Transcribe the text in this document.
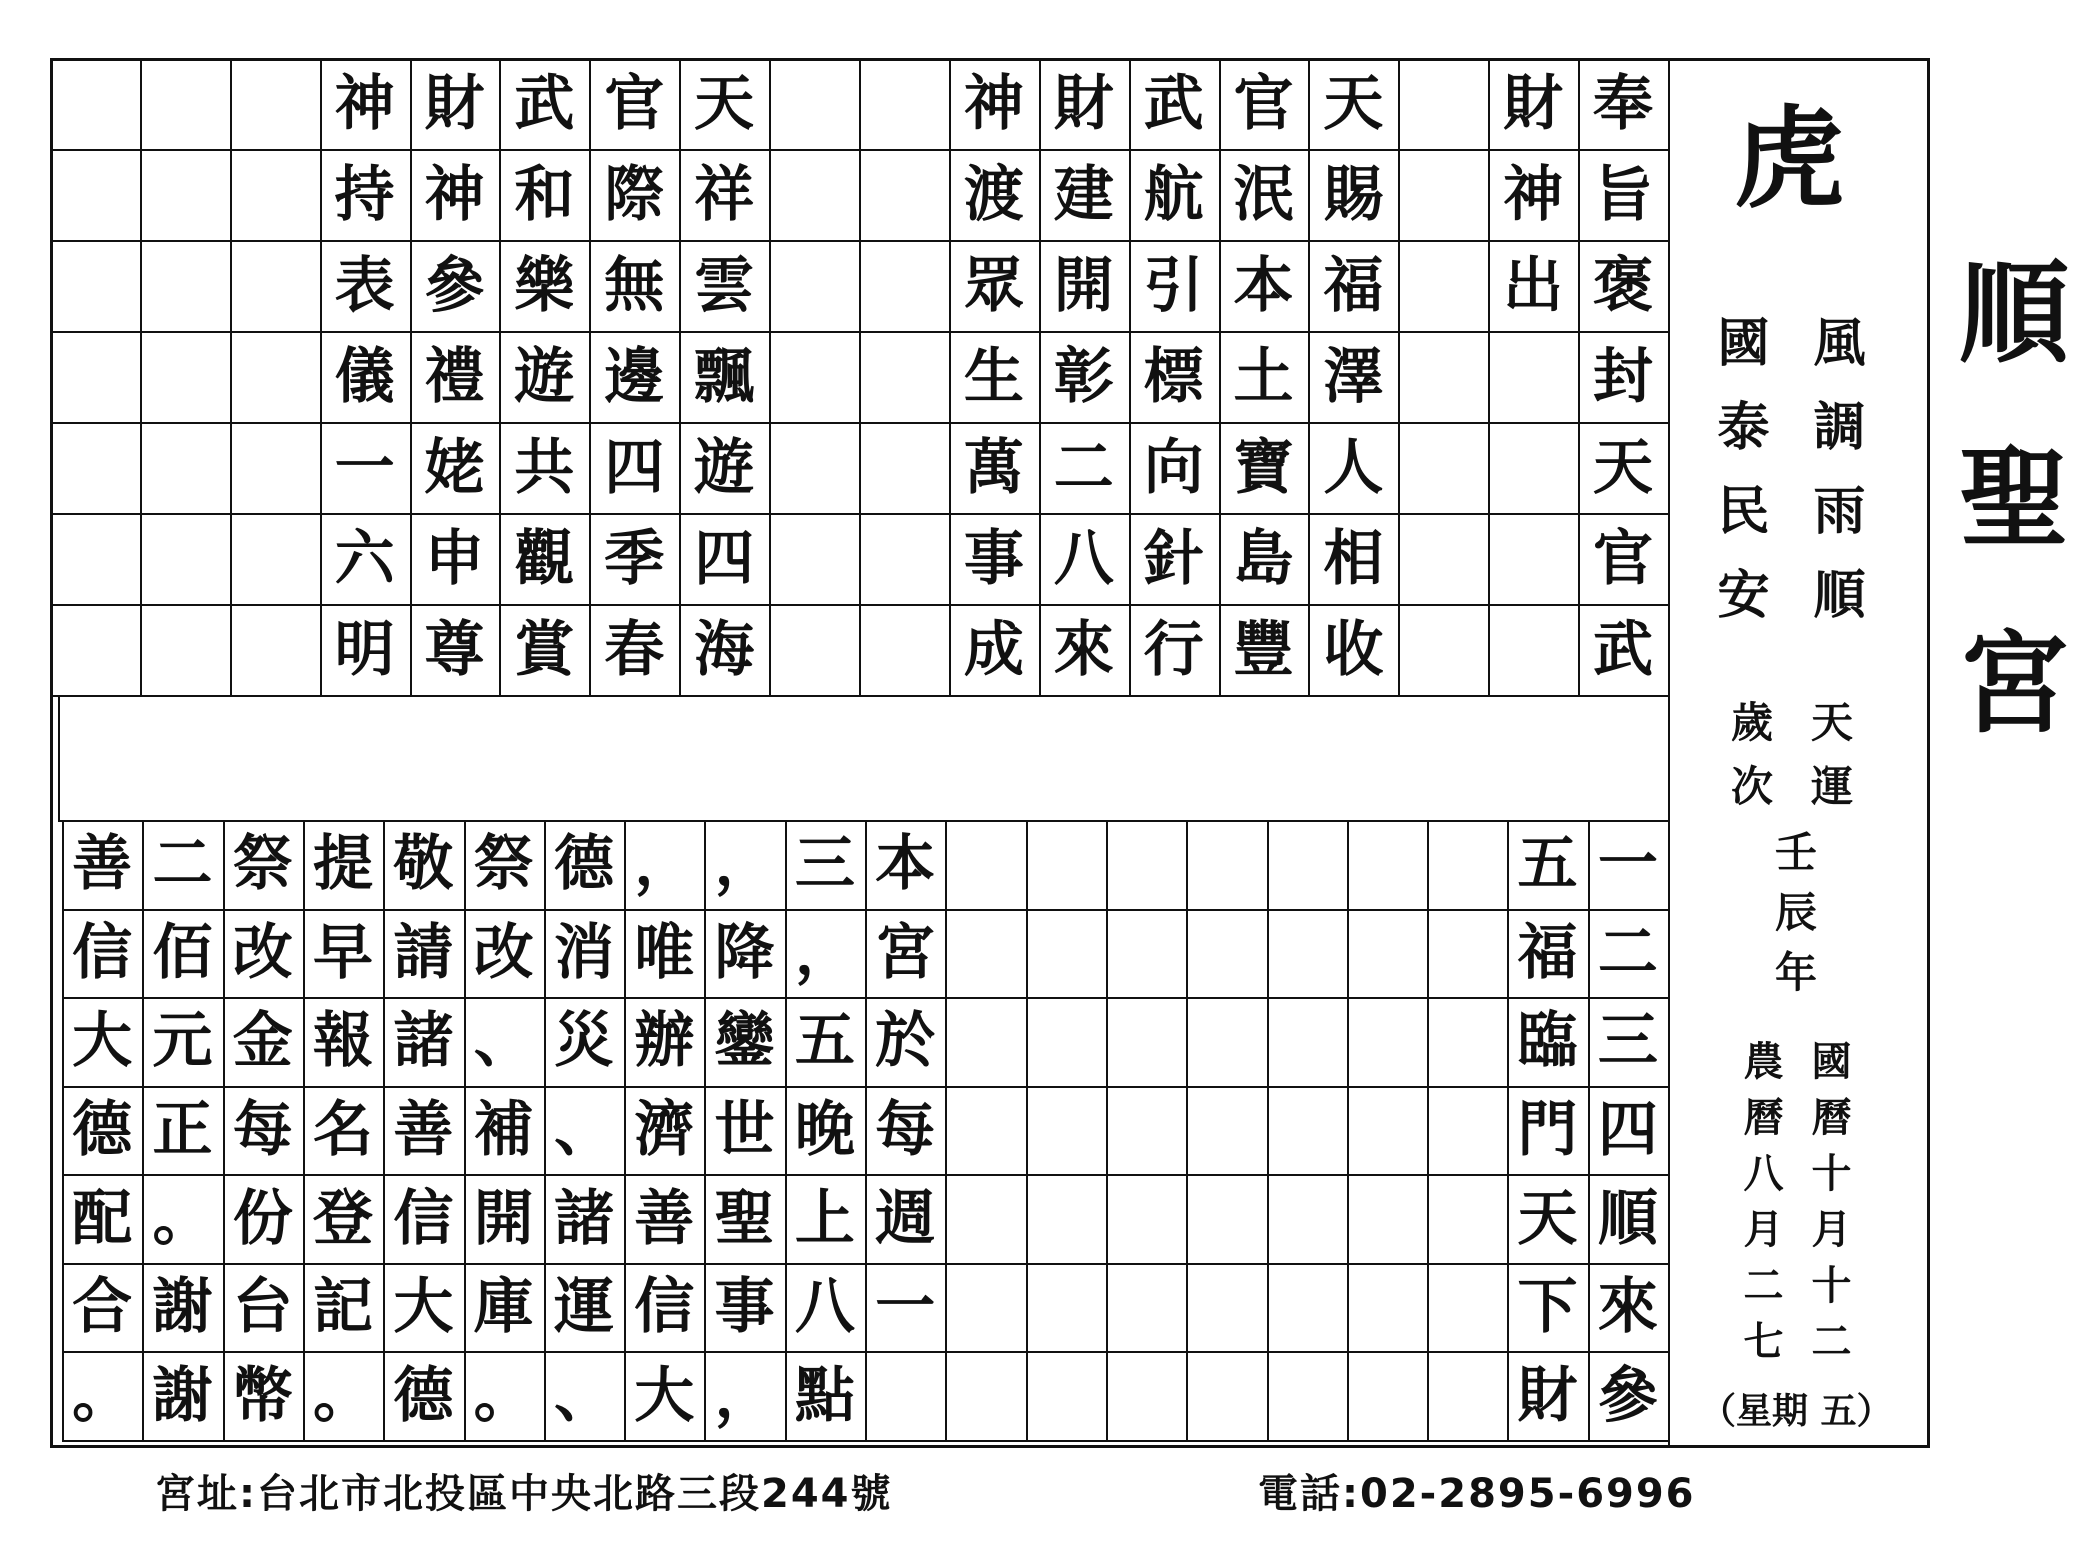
虎
順聖宮
風調雨順
國泰民安
天運
歲次
壬辰年
國曆十月十二
農曆八月二七
（星期 五）
奉
旨
褒
封
天
官
武
財
神
出
天
賜
福
澤
人
相
收
官
泯
本
土
寶
島
豐
武
航
引
標
向
針
行
財
建
開
彰
二
八
來
神
渡
眾
生
萬
事
成
天
祥
雲
飄
遊
四
海
官
際
無
邊
四
季
春
武
和
樂
遊
共
觀
賞
財
神
參
禮
姥
申
尊
神
持
表
儀
一
六
明
一
二
三
四
順
來
參
五
福
臨
門
天
下
財
本
宮
於
每
週
一
三
，
五
晚
上
八
點
，
降
鑾
世
聖
事
，
，
唯
辦
濟
善
信
大
德
消
災
、
諸
運
、
祭
改
、
補
開
庫
。
敬
請
諸
善
信
大
德
提
早
報
名
登
記
。
祭
改
金
每
份
台
幣
二
佰
元
正
。
謝
謝
善
信
大
德
配
合
。
宮址:台北市北投區中央北路三段244號	電話:02-2895-6996
